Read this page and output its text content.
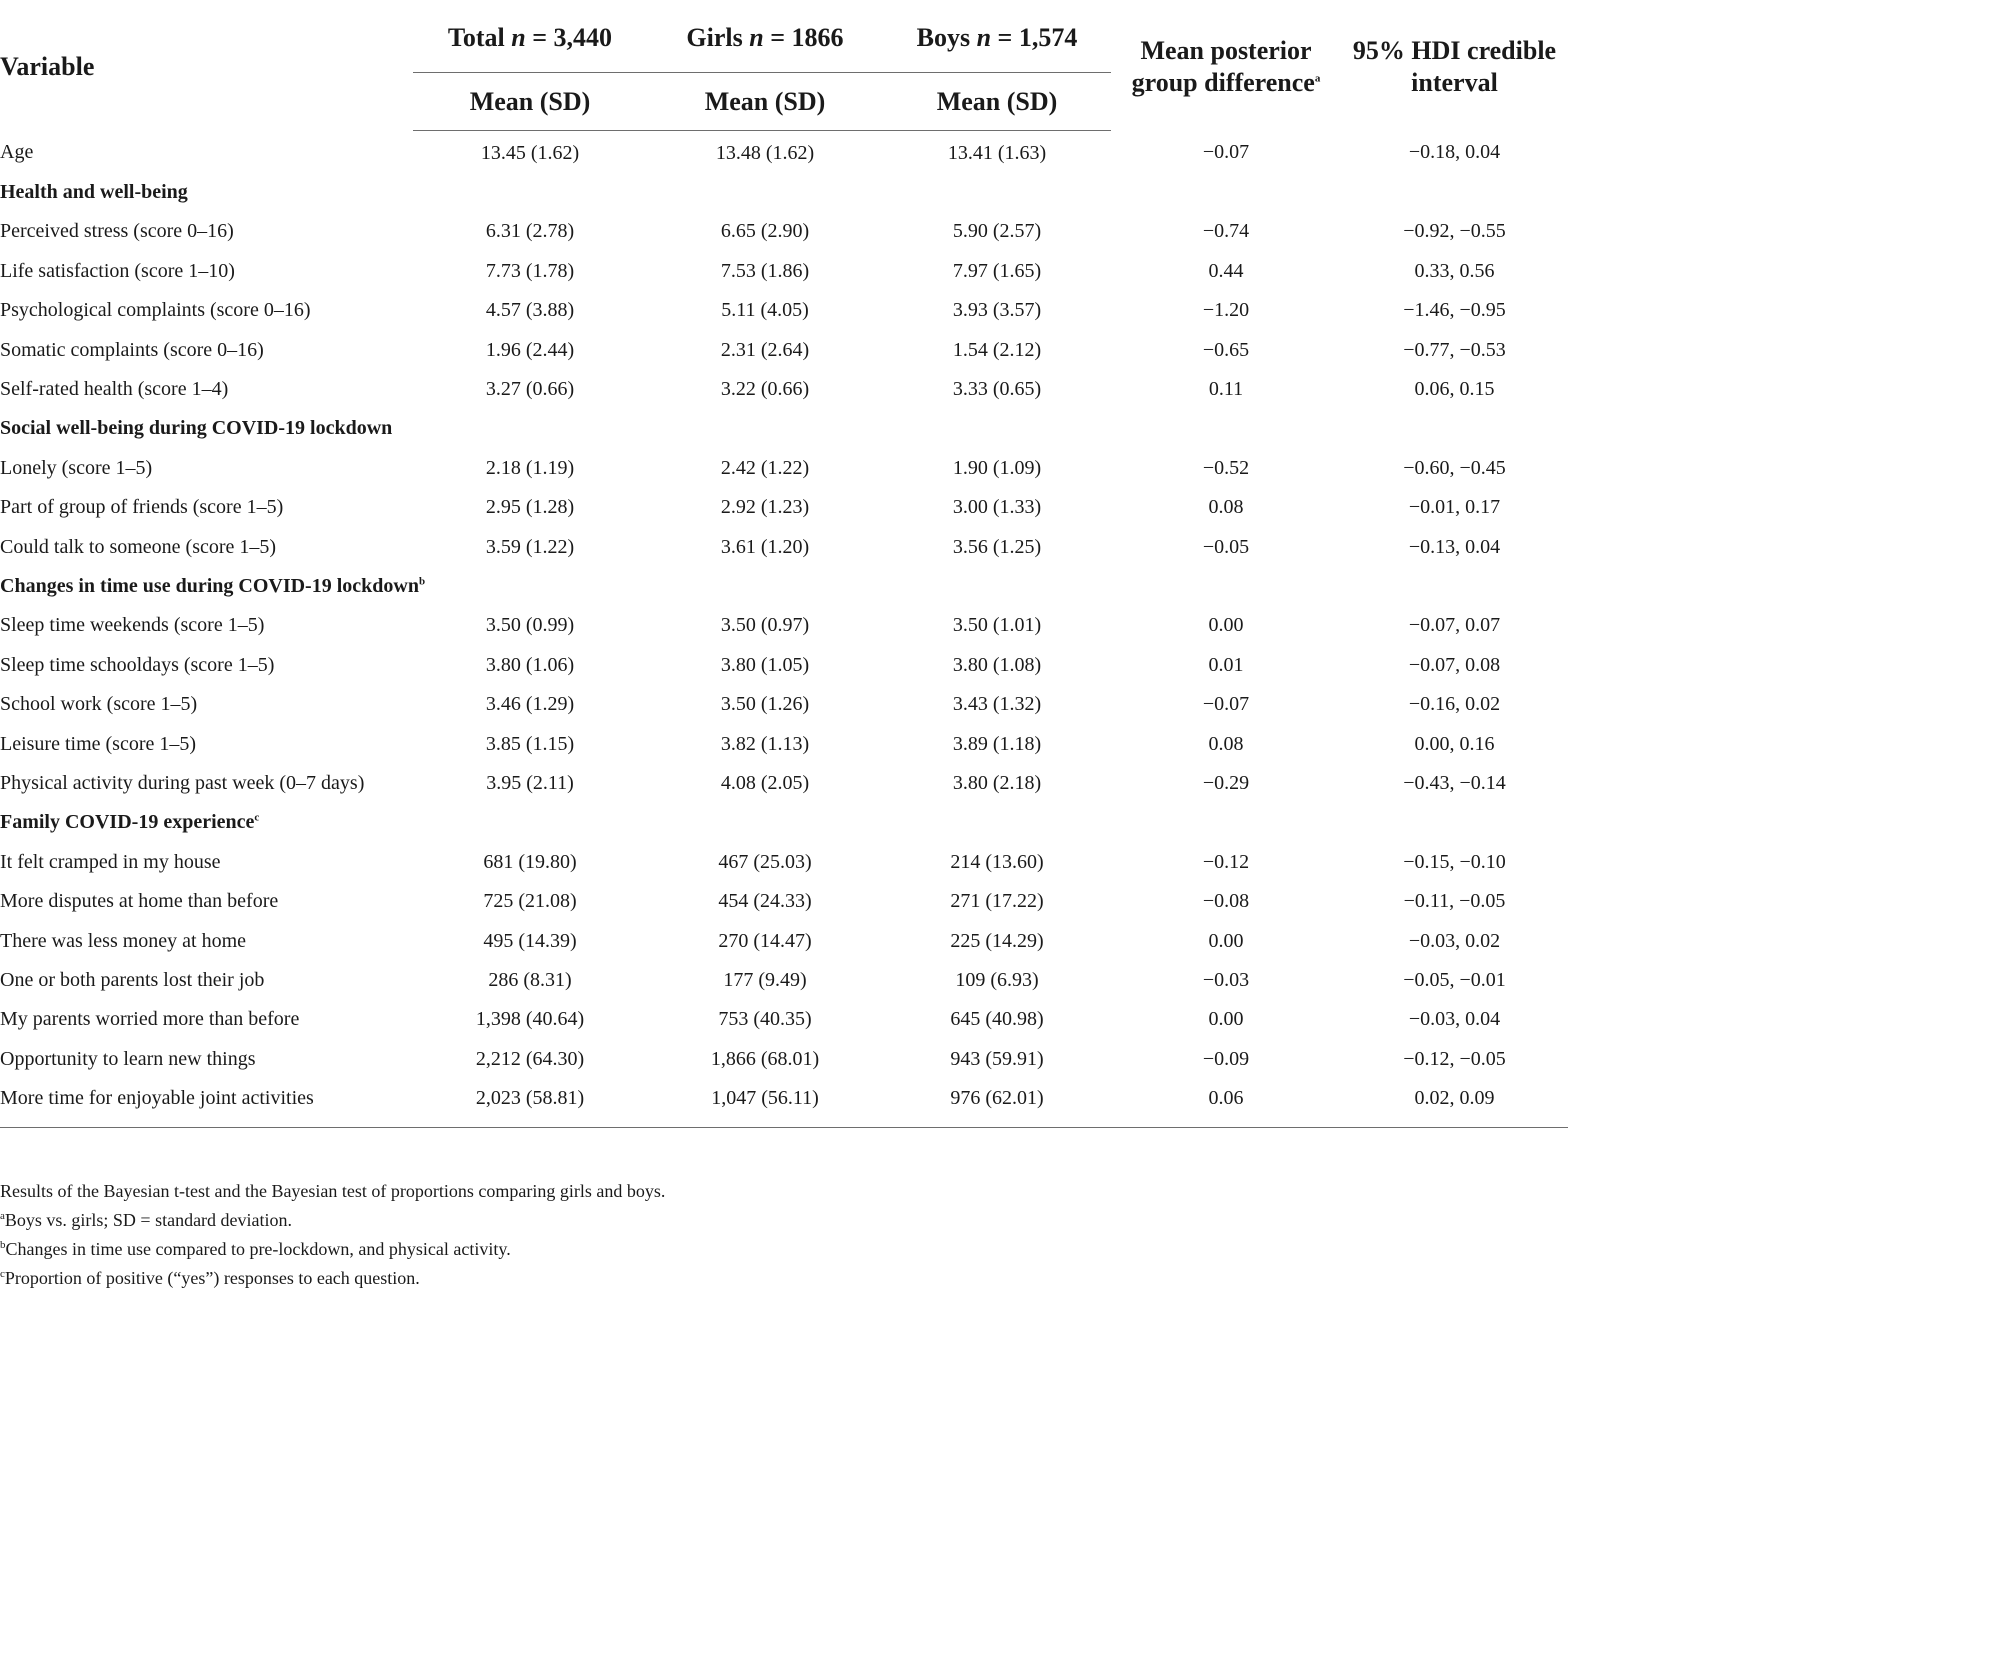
Variable	Total n = 3,440	Girls n = 1866	Boys n = 1,574	Mean posterior
group difference$^a$	95% HDI credible
interval
	Mean (SD)	Mean (SD)	Mean (SD)		
Age	13.45 (1.62)	13.48 (1.62)	13.41 (1.63)	−0.07	−0.18, 0.04
Health and well-being					
Perceived stress (score 0–16)	6.31 (2.78)	6.65 (2.90)	5.90 (2.57)	−0.74	−0.92, −0.55
Life satisfaction (score 1–10)	7.73 (1.78)	7.53 (1.86)	7.97 (1.65)	0.44	0.33, 0.56
Psychological complaints (score 0–16)	4.57 (3.88)	5.11 (4.05)	3.93 (3.57)	−1.20	−1.46, −0.95
Somatic complaints (score 0–16)	1.96 (2.44)	2.31 (2.64)	1.54 (2.12)	−0.65	−0.77, −0.53
Self-rated health (score 1–4)	3.27 (0.66)	3.22 (0.66)	3.33 (0.65)	0.11	0.06, 0.15
Social well-being during COVID-19 lockdown					
Lonely (score 1–5)	2.18 (1.19)	2.42 (1.22)	1.90 (1.09)	−0.52	−0.60, −0.45
Part of group of friends (score 1–5)	2.95 (1.28)	2.92 (1.23)	3.00 (1.33)	0.08	−0.01, 0.17
Could talk to someone (score 1–5)	3.59 (1.22)	3.61 (1.20)	3.56 (1.25)	−0.05	−0.13, 0.04
Changes in time use during COVID-19 lockdown$^b$					
Sleep time weekends (score 1–5)	3.50 (0.99)	3.50 (0.97)	3.50 (1.01)	0.00	−0.07, 0.07
Sleep time schooldays (score 1–5)	3.80 (1.06)	3.80 (1.05)	3.80 (1.08)	0.01	−0.07, 0.08
School work (score 1–5)	3.46 (1.29)	3.50 (1.26)	3.43 (1.32)	−0.07	−0.16, 0.02
Leisure time (score 1–5)	3.85 (1.15)	3.82 (1.13)	3.89 (1.18)	0.08	0.00, 0.16
Physical activity during past week (0–7 days)	3.95 (2.11)	4.08 (2.05)	3.80 (2.18)	−0.29	−0.43, −0.14
Family COVID-19 experience$^c$					
It felt cramped in my house	681 (19.80)	467 (25.03)	214 (13.60)	−0.12	−0.15, −0.10
More disputes at home than before	725 (21.08)	454 (24.33)	271 (17.22)	−0.08	−0.11, −0.05
There was less money at home	495 (14.39)	270 (14.47)	225 (14.29)	0.00	−0.03, 0.02
One or both parents lost their job	286 (8.31)	177 (9.49)	109 (6.93)	−0.03	−0.05, −0.01
My parents worried more than before	1,398 (40.64)	753 (40.35)	645 (40.98)	0.00	−0.03, 0.04
Opportunity to learn new things	2,212 (64.30)	1,866 (68.01)	943 (59.91)	−0.09	−0.12, −0.05
More time for enjoyable joint activities	2,023 (58.81)	1,047 (56.11)	976 (62.01)	0.06	0.02, 0.09
Results of the Bayesian t-test and the Bayesian test of proportions comparing girls and boys.
$^a$Boys vs. girls; SD = standard deviation.
$^b$Changes in time use compared to pre-lockdown, and physical activity.
$^c$Proportion of positive (“yes”) responses to each question.
